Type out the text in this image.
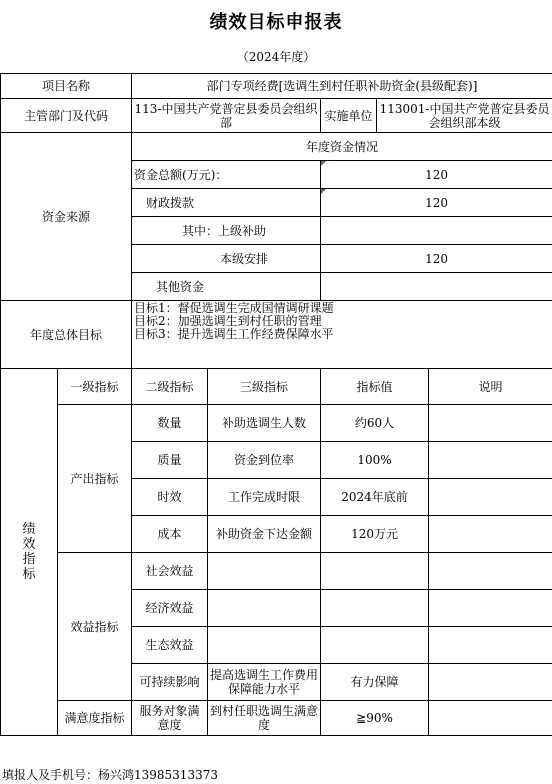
绩效目标申报表
（2024年度）
项目名称		部门专项经费[选调生到村任职补助资金(县级配套)]				
主管部门及代码		113-中国共产党普定县委员会组织部		实施单位	113001-中国共产党普定县委员会组织部本级	
资金来源		年度资金情况				
		资金总额(万元)：		120		
		财政拨款		120		
		其中：上级补助				
		本级安排		120		
		其他资金				
年度总体目标		目标1：督促选调生完成国情调研课题
目标2：加强选调生到村任职的管理
目标3：提升选调生工作经费保障水平				

绩
效
指
标	一级指标	二级指标	三级指标	指标值		说明
	产出指标	数量	补助选调生人数	约60人		
		质量	资金到位率	100%		
		时效	工作完成时限	2024年底前		
		成本	补助资金下达金额	120万元		
	效益指标	社会效益				
		经济效益				
		生态效益				
		可持续影响	提高选调生工作费用保障能力水平	有力保障		
	满意度指标	服务对象满意度	到村任职选调生满意度	≧90%		
填报人及手机号：杨兴鸿13985313373
